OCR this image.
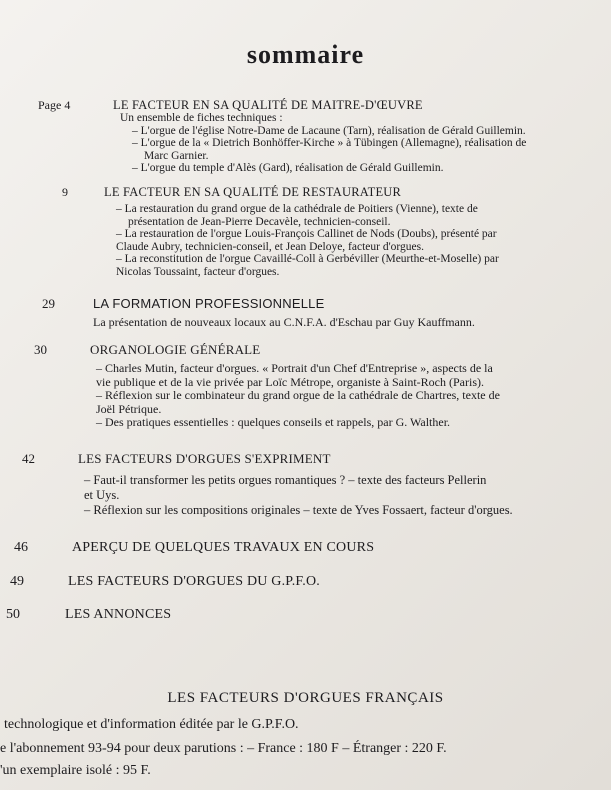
sommaire
Page 4	LE FACTEUR EN SA QUALITÉ DE MAITRE-D'ŒUVRE

Un ensemble de fiches techniques :

– L'orgue de l'église Notre-Dame de Lacaune (Tarn), réalisation de Gérald Guillemin.

– L'orgue de la « Dietrich Bonhöffer-Kirche » à Tübingen (Allemagne), réalisation de
Marc Garnier.

– L'orgue du temple d'Alès (Gard), réalisation de Gérald Guillemin.

9	LE FACTEUR EN SA QUALITÉ DE RESTAURATEUR

– La restauration du grand orgue de la cathédrale de Poitiers (Vienne), texte de
présentation de Jean-Pierre Decavèle, technicien-conseil.

– La restauration de l'orgue Louis-François Callinet de Nods (Doubs), présenté par
Claude Aubry, technicien-conseil, et Jean Deloye, facteur d'orgues.

– La reconstitution de l'orgue Cavaillé-Coll à Gerbéviller (Meurthe-et-Moselle) par
Nicolas Toussaint, facteur d'orgues.

29	LA FORMATION PROFESSIONNELLE

La présentation de nouveaux locaux au C.N.F.A. d'Eschau par Guy Kauffmann.

30	ORGANOLOGIE GÉNÉRALE

– Charles Mutin, facteur d'orgues. « Portrait d'un Chef d'Entreprise », aspects de la
vie publique et de la vie privée par Loïc Métrope, organiste à Saint-Roch (Paris).

– Réflexion sur le combinateur du grand orgue de la cathédrale de Chartres, texte de
Joël Pétrique.

– Des pratiques essentielles : quelques conseils et rappels, par G. Walther.

42	LES FACTEURS D'ORGUES S'EXPRIMENT

– Faut-il transformer les petits orgues romantiques ? – texte des facteurs Pellerin
et Uys.

– Réflexion sur les compositions originales – texte de Yves Fossaert, facteur d'orgues.

46	APERÇU DE QUELQUES TRAVAUX EN COURS
49	LES FACTEURS D'ORGUES DU G.P.F.O.
50	LES ANNONCES
LES FACTEURS D'ORGUES FRANÇAIS
technologique et d'information éditée par le G.P.F.O.
e l'abonnement 93-94 pour deux parutions : – France : 180 F – Étranger : 220 F.
'un exemplaire isolé : 95 F.
